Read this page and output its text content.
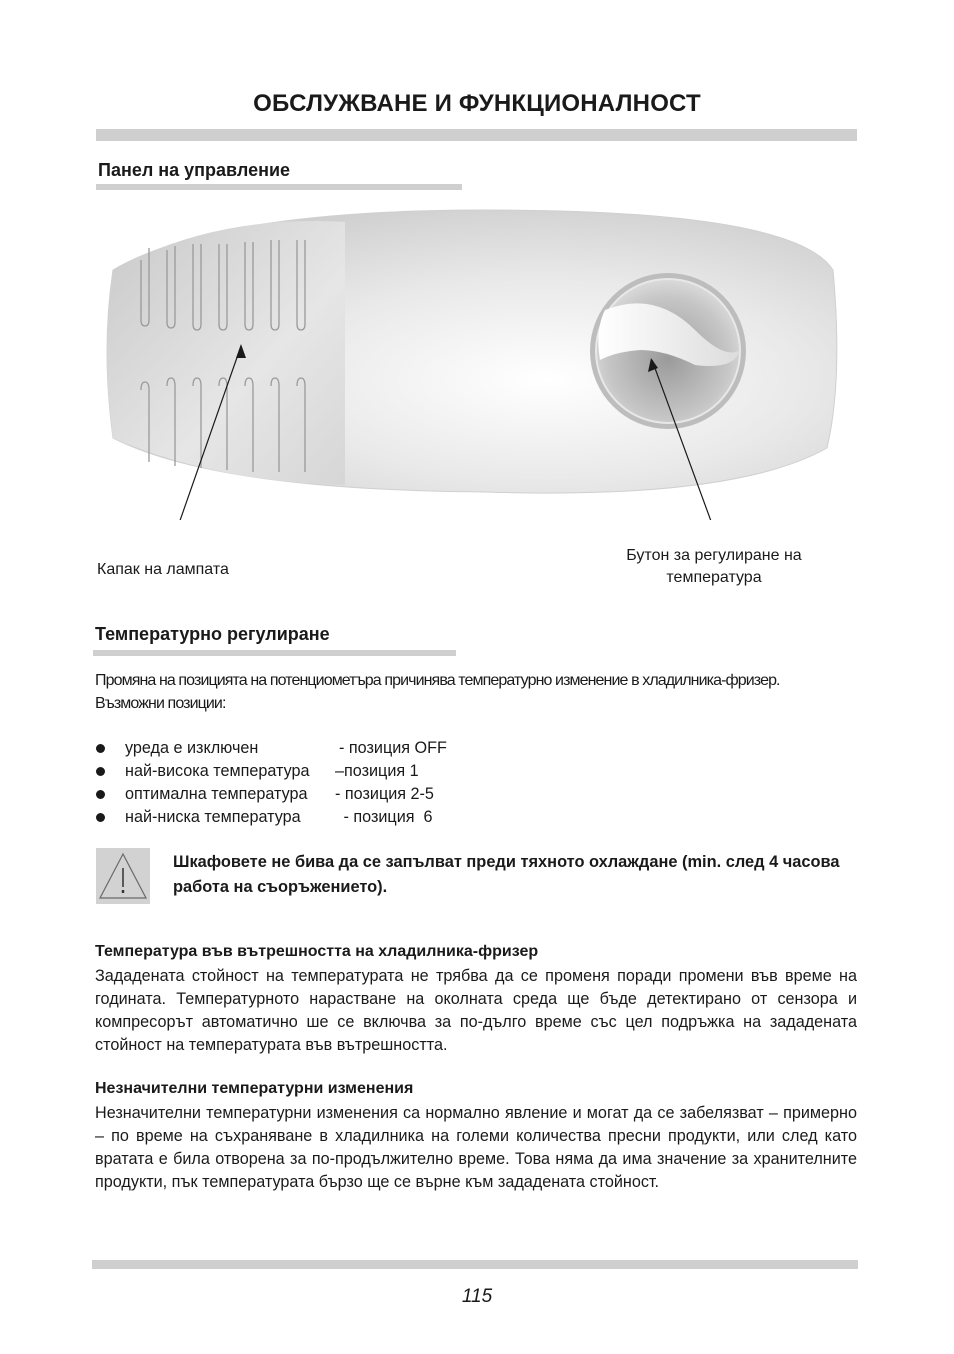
ОБСЛУЖВАНЕ И ФУНКЦИОНАЛНОСТ
Панел на управление
Капак на лампата
Бутон за регулиране на
температура
Температурно регулиране
Промяна на позицията на потенциометъра причинява температурно изменение в хладилника-фризер.
Възможни позиции:
уреда е изключен	- позиция OFF
най-висока температура	–позиция 1
оптимална температура	- позиция 2-5
най-ниска температура	- позиция  6
Шкафовете не бива да се запълват преди тяхното охлаждане (min. след 4 часова работа на съоръжението).
Температура във вътрешността на хладилника-фризер
Зададената стойност на температурата не трябва да се променя поради промени във време на годината. Температурното нарастване на околната среда ще бъде детектирано от сензора и компресорът автоматично ше се включва за по-дълго време със цел подръжка на зададената стойност на температурата във вътрешността.
Незначителни температурни изменения
Незначителни температурни изменения са нормално явление и могат да се забелязват – примерно – по време на съхраняване в хладилника на големи количества пресни продукти, или след като вратата е била отворена за по-продължително време. Това няма да има значение за хранителните продукти, пък температурата бързо ще се върне към зададената стойност.
115
